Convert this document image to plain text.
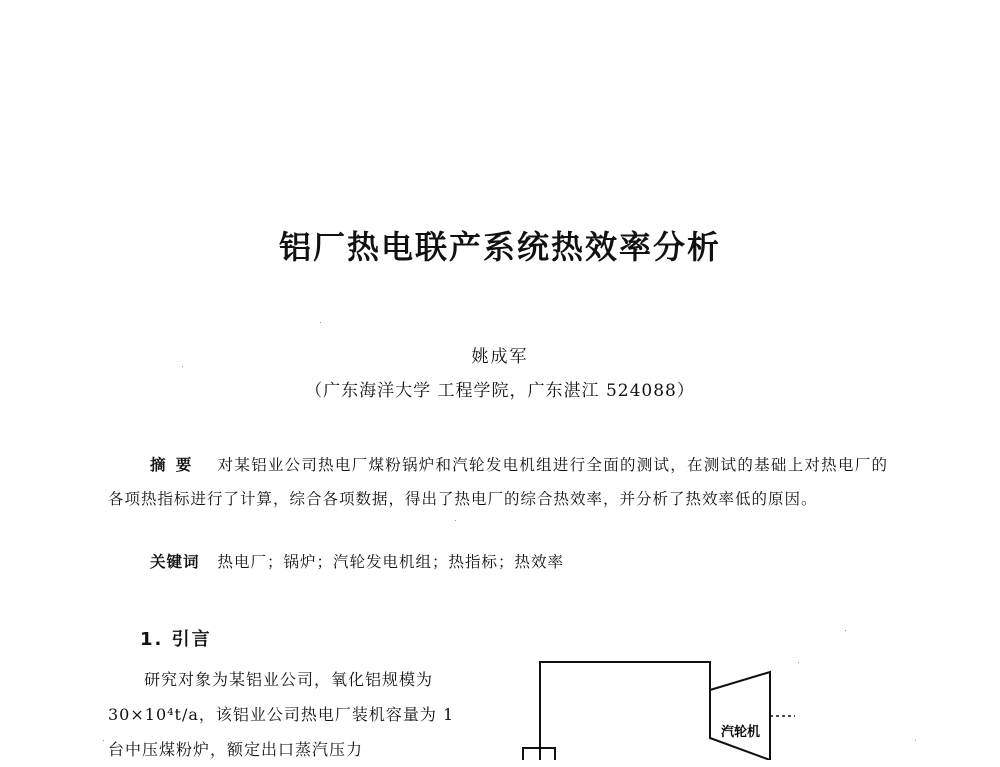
铝厂热电联产系统热效率分析
姚成军
（广东海洋大学 工程学院，广东湛江 524088）
摘要 对某铝业公司热电厂煤粉锅炉和汽轮发电机组进行全面的测试，在测试的基础上对热电厂的各项热指标进行了计算，综合各项数据，得出了热电厂的综合热效率，并分析了热效率低的原因。
关键词 热电厂；锅炉；汽轮发电机组；热指标；热效率
1. 引言
研究对象为某铝业公司，氧化铝规模为 30×10⁴t/a，该铝业公司热电厂装机容量为 1 台中压煤粉炉，额定出口蒸汽压力
汽轮机
